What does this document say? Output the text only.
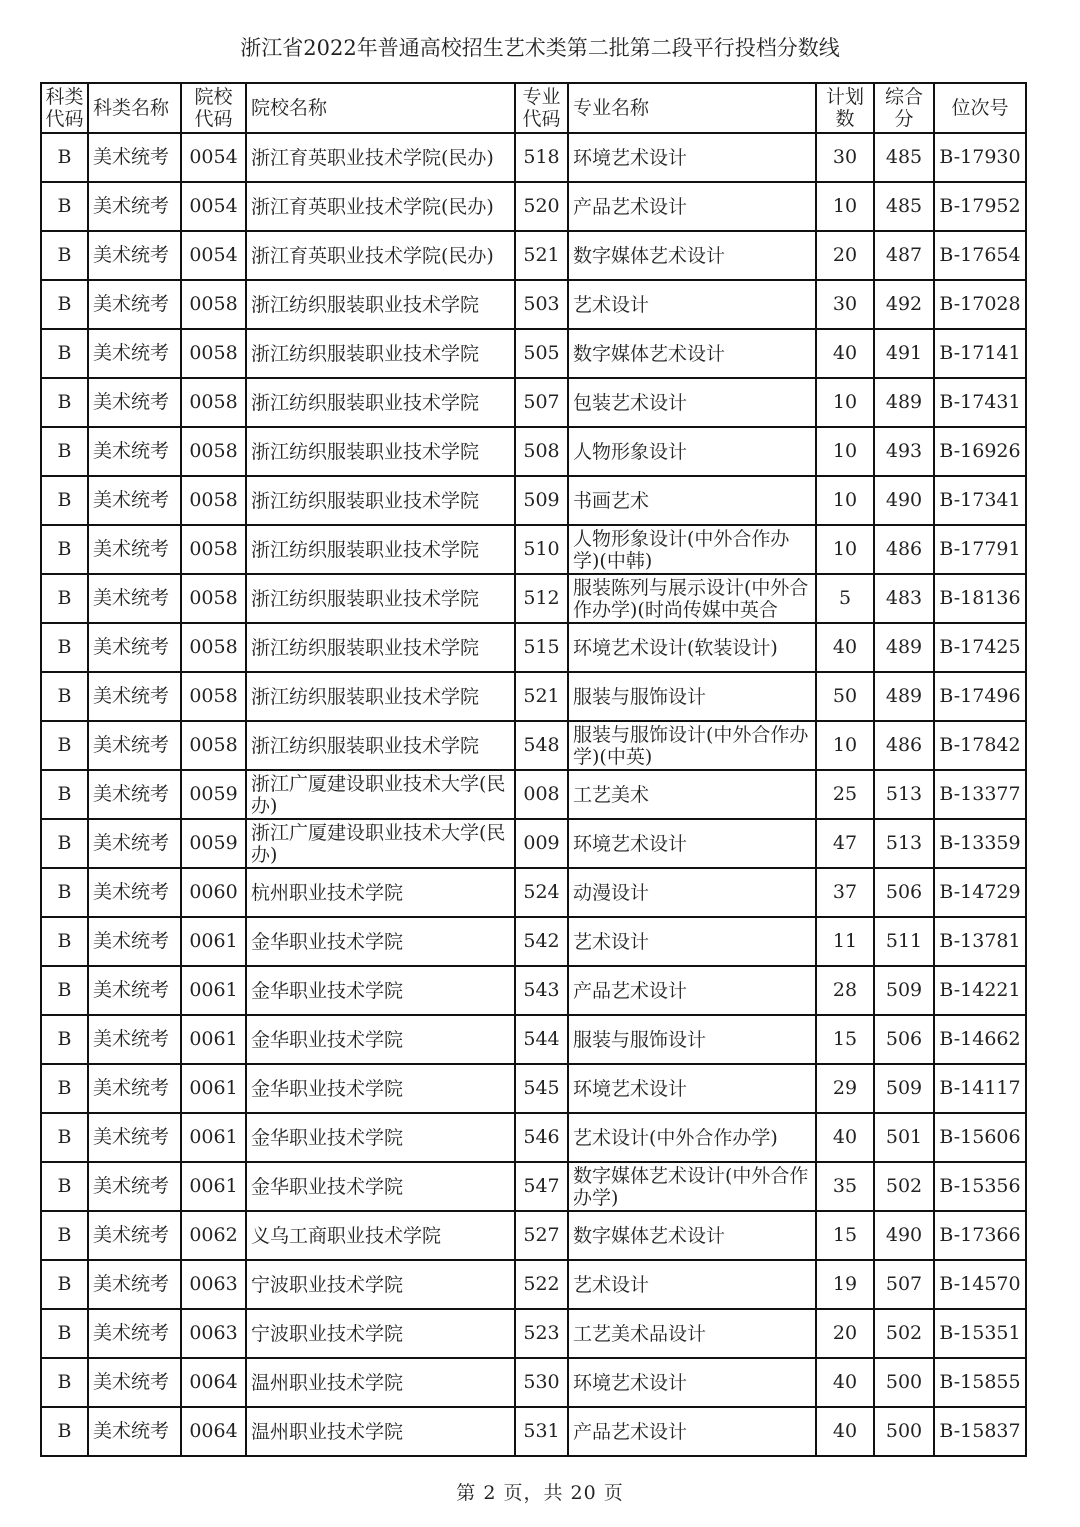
浙江省2022年普通高校招生艺术类第二批第二段平行投档分数线
科类代码	科类名称	院校代码	院校名称	专业代码	专业名称	计划数	综合分	位次号
B	美术统考	0054	浙江育英职业技术学院(民办)	518	环境艺术设计	30	485	B-17930
B	美术统考	0054	浙江育英职业技术学院(民办)	520	产品艺术设计	10	485	B-17952
B	美术统考	0054	浙江育英职业技术学院(民办)	521	数字媒体艺术设计	20	487	B-17654
B	美术统考	0058	浙江纺织服装职业技术学院	503	艺术设计	30	492	B-17028
B	美术统考	0058	浙江纺织服装职业技术学院	505	数字媒体艺术设计	40	491	B-17141
B	美术统考	0058	浙江纺织服装职业技术学院	507	包装艺术设计	10	489	B-17431
B	美术统考	0058	浙江纺织服装职业技术学院	508	人物形象设计	10	493	B-16926
B	美术统考	0058	浙江纺织服装职业技术学院	509	书画艺术	10	490	B-17341
B	美术统考	0058	浙江纺织服装职业技术学院	510	人物形象设计(中外合作办学)(中韩)	10	486	B-17791
B	美术统考	0058	浙江纺织服装职业技术学院	512	服装陈列与展示设计(中外合作办学)(时尚传媒中英合	5	483	B-18136
B	美术统考	0058	浙江纺织服装职业技术学院	515	环境艺术设计(软装设计)	40	489	B-17425
B	美术统考	0058	浙江纺织服装职业技术学院	521	服装与服饰设计	50	489	B-17496
B	美术统考	0058	浙江纺织服装职业技术学院	548	服装与服饰设计(中外合作办学)(中英)	10	486	B-17842
B	美术统考	0059	浙江广厦建设职业技术大学(民办)	008	工艺美术	25	513	B-13377
B	美术统考	0059	浙江广厦建设职业技术大学(民办)	009	环境艺术设计	47	513	B-13359
B	美术统考	0060	杭州职业技术学院	524	动漫设计	37	506	B-14729
B	美术统考	0061	金华职业技术学院	542	艺术设计	11	511	B-13781
B	美术统考	0061	金华职业技术学院	543	产品艺术设计	28	509	B-14221
B	美术统考	0061	金华职业技术学院	544	服装与服饰设计	15	506	B-14662
B	美术统考	0061	金华职业技术学院	545	环境艺术设计	29	509	B-14117
B	美术统考	0061	金华职业技术学院	546	艺术设计(中外合作办学)	40	501	B-15606
B	美术统考	0061	金华职业技术学院	547	数字媒体艺术设计(中外合作办学)	35	502	B-15356
B	美术统考	0062	义乌工商职业技术学院	527	数字媒体艺术设计	15	490	B-17366
B	美术统考	0063	宁波职业技术学院	522	艺术设计	19	507	B-14570
B	美术统考	0063	宁波职业技术学院	523	工艺美术品设计	20	502	B-15351
B	美术统考	0064	温州职业技术学院	530	环境艺术设计	40	500	B-15855
B	美术统考	0064	温州职业技术学院	531	产品艺术设计	40	500	B-15837
第 2 页，共 20 页
